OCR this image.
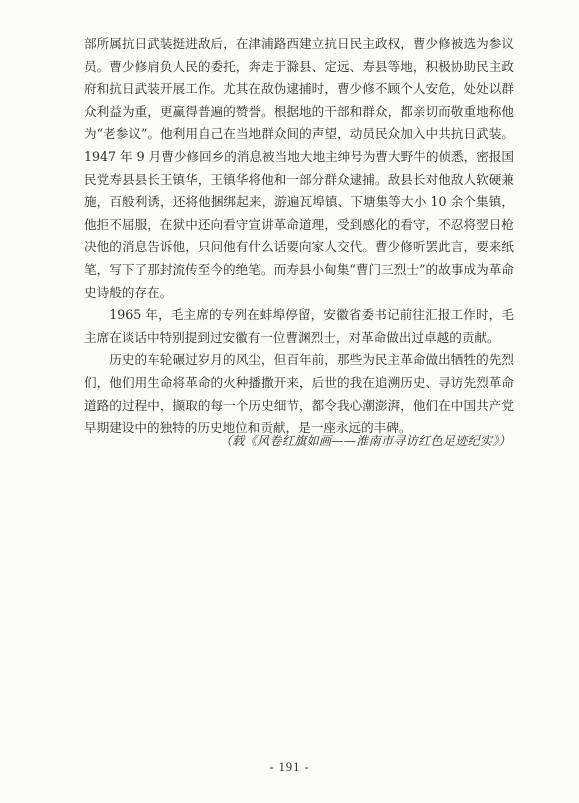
部所属抗日武装挺进敌后，在津浦路西建立抗日民主政权，曹少修被选为参议员。曹少修肩负人民的委托，奔走于滁县、定远、寿县等地，积极协助民主政府和抗日武装开展工作。尤其在敌伪逮捕时，曹少修不顾个人安危，处处以群众利益为重，更赢得普遍的赞誉。根据地的干部和群众，都亲切而敬重地称他为“老参议”。他利用自己在当地群众间的声望，动员民众加入中共抗日武装。1947 年 9 月曹少修回乡的消息被当地大地主绅号为曹大野牛的侦悉，密报国民党寿县县长王镇华，王镇华将他和一部分群众逮捕。敌县长对他敌人软硬兼施，百般利诱，还将他捆绑起来，游遍瓦埠镇、下塘集等大小 10 余个集镇，他拒不屈服，在狱中还向看守宣讲革命道理，受到感化的看守，不忍将翌日枪决他的消息告诉他，只问他有什么话要向家人交代。曹少修听罢此言，要来纸笔，写下了那封流传至今的绝笔。而寿县小甸集“曹门三烈士”的故事成为革命史诗般的存在。

1965 年，毛主席的专列在蚌埠停留，安徽省委书记前往汇报工作时，毛主席在谈话中特别提到过安徽有一位曹渊烈士，对革命做出过卓越的贡献。

历史的车轮碾过岁月的风尘，但百年前，那些为民主革命做出牺牲的先烈们，他们用生命将革命的火种播撒开来，后世的我在追溯历史、寻访先烈革命道路的过程中，撷取的每一个历史细节，都令我心潮澎湃，他们在中国共产党早期建设中的独特的历史地位和贡献，是一座永远的丰碑。

（载《风卷红旗如画——淮南市寻访红色足迹纪实》）
- 191 -
